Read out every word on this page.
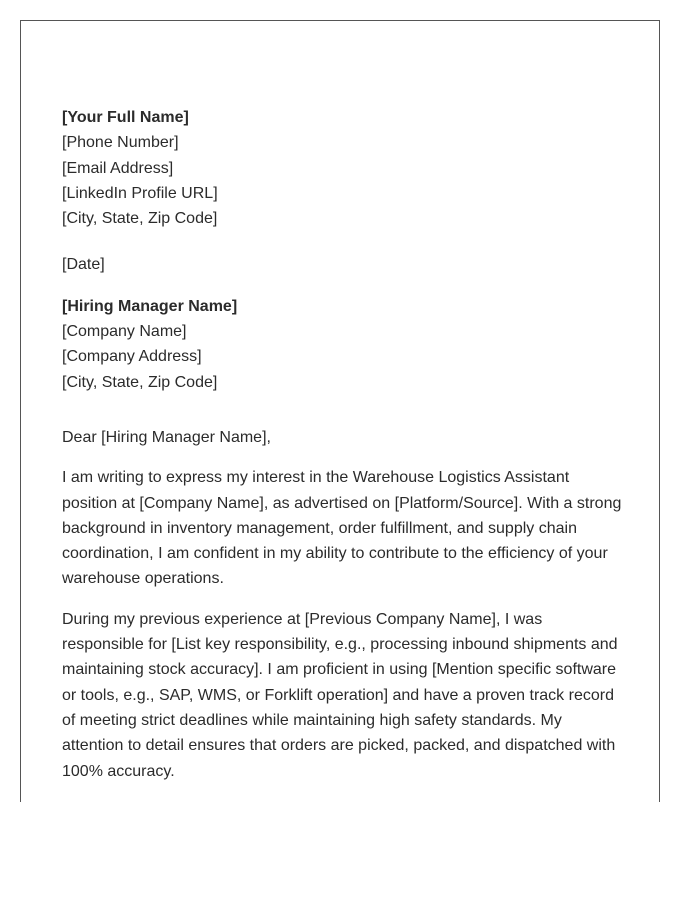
[Your Full Name]
[Phone Number]
[Email Address]
[LinkedIn Profile URL]
[City, State, Zip Code]
[Date]
[Hiring Manager Name]
[Company Name]
[Company Address]
[City, State, Zip Code]
Dear [Hiring Manager Name],
I am writing to express my interest in the Warehouse Logistics Assistant
position at [Company Name], as advertised on [Platform/Source]. With a strong
background in inventory management, order fulfillment, and supply chain
coordination, I am confident in my ability to contribute to the efficiency of your
warehouse operations.
During my previous experience at [Previous Company Name], I was
responsible for [List key responsibility, e.g., processing inbound shipments and
maintaining stock accuracy]. I am proficient in using [Mention specific software
or tools, e.g., SAP, WMS, or Forklift operation] and have a proven track record
of meeting strict deadlines while maintaining high safety standards. My
attention to detail ensures that orders are picked, packed, and dispatched with
100% accuracy.
